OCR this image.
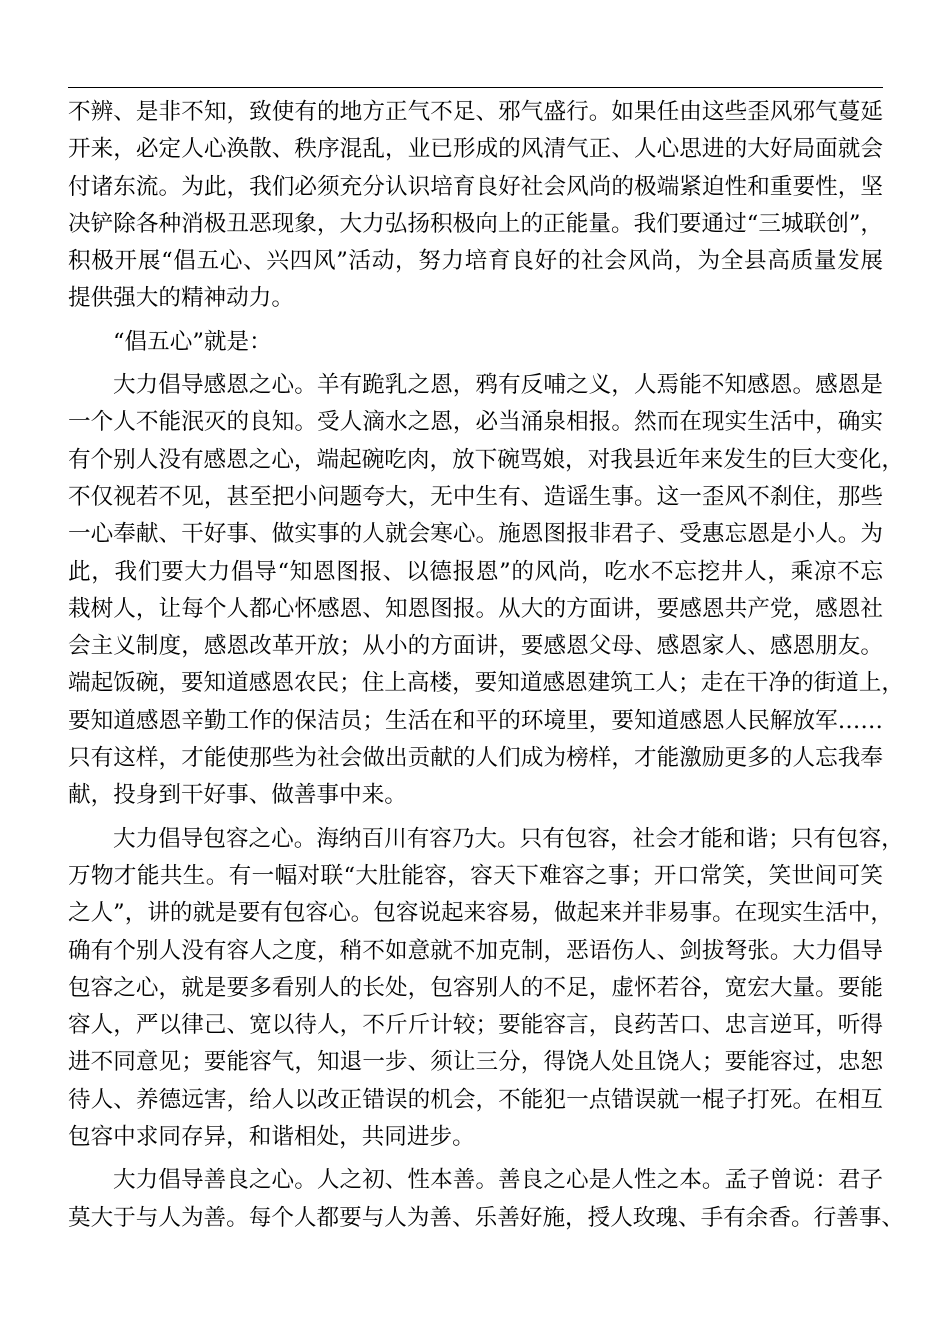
不辨、是非不知，致使有的地方正气不足、邪气盛行。如果任由这些歪风邪气蔓延
开来，必定人心涣散、秩序混乱，业已形成的风清气正、人心思进的大好局面就会
付诸东流。为此，我们必须充分认识培育良好社会风尚的极端紧迫性和重要性，坚
决铲除各种消极丑恶现象，大力弘扬积极向上的正能量。我们要通过“三城联创”，
积极开展“倡五心、兴四风”活动，努力培育良好的社会风尚，为全县高质量发展
提供强大的精神动力。
“倡五心”就是：
大力倡导感恩之心。羊有跪乳之恩，鸦有反哺之义，人焉能不知感恩。感恩是
一个人不能泯灭的良知。受人滴水之恩，必当涌泉相报。然而在现实生活中，确实
有个别人没有感恩之心，端起碗吃肉，放下碗骂娘，对我县近年来发生的巨大变化，
不仅视若不见，甚至把小问题夸大，无中生有、造谣生事。这一歪风不刹住，那些
一心奉献、干好事、做实事的人就会寒心。施恩图报非君子、受惠忘恩是小人。为
此，我们要大力倡导“知恩图报、以德报恩”的风尚，吃水不忘挖井人，乘凉不忘
栽树人，让每个人都心怀感恩、知恩图报。从大的方面讲，要感恩共产党，感恩社
会主义制度，感恩改革开放；从小的方面讲，要感恩父母、感恩家人、感恩朋友。
端起饭碗，要知道感恩农民；住上高楼，要知道感恩建筑工人；走在干净的街道上，
要知道感恩辛勤工作的保洁员；生活在和平的环境里，要知道感恩人民解放军……
只有这样，才能使那些为社会做出贡献的人们成为榜样，才能激励更多的人忘我奉
献，投身到干好事、做善事中来。
大力倡导包容之心。海纳百川有容乃大。只有包容，社会才能和谐；只有包容，
万物才能共生。有一幅对联“大肚能容，容天下难容之事；开口常笑，笑世间可笑
之人”，讲的就是要有包容心。包容说起来容易，做起来并非易事。在现实生活中，
确有个别人没有容人之度，稍不如意就不加克制，恶语伤人、剑拔弩张。大力倡导
包容之心，就是要多看别人的长处，包容别人的不足，虚怀若谷，宽宏大量。要能
容人，严以律己、宽以待人，不斤斤计较；要能容言，良药苦口、忠言逆耳，听得
进不同意见；要能容气，知退一步、须让三分，得饶人处且饶人；要能容过，忠恕
待人、养德远害，给人以改正错误的机会，不能犯一点错误就一棍子打死。在相互
包容中求同存异，和谐相处，共同进步。
大力倡导善良之心。人之初、性本善。善良之心是人性之本。孟子曾说：君子
莫大于与人为善。每个人都要与人为善、乐善好施，授人玫瑰、手有余香。行善事、
